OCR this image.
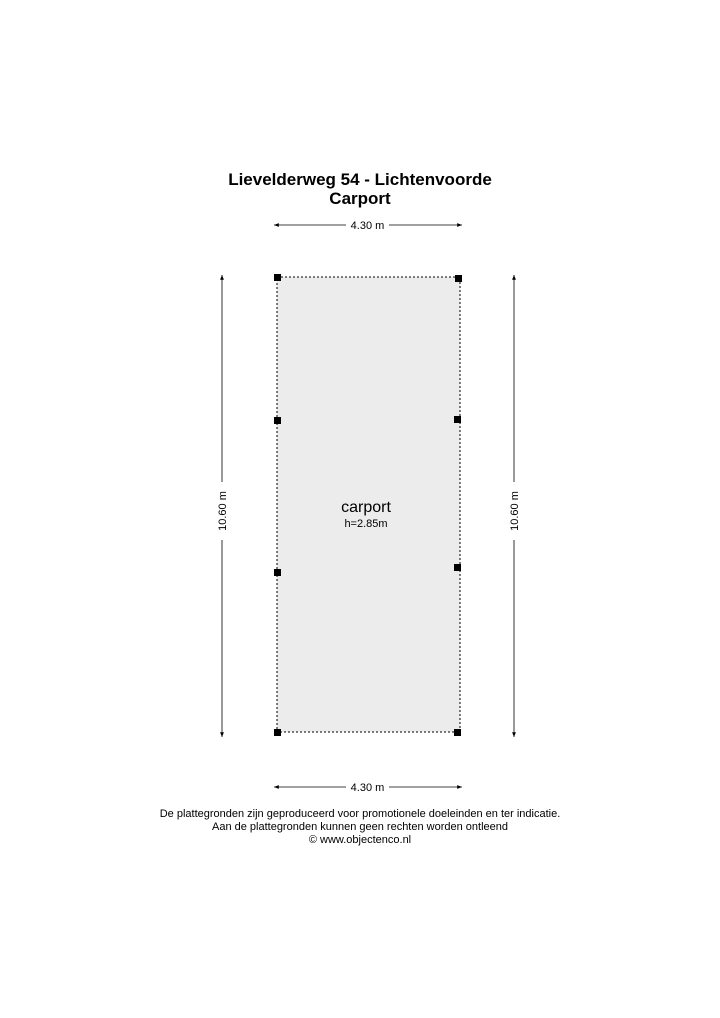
Lievelderweg 54 - Lichtenvoorde
Carport
4.30 m
4.30 m
10.60 m	10.60 m
carport
h=2.85m
De plattegronden zijn geproduceerd voor promotionele doeleinden en ter indicatie.
Aan de plattegronden kunnen geen rechten worden ontleend
© www.objectenco.nl
